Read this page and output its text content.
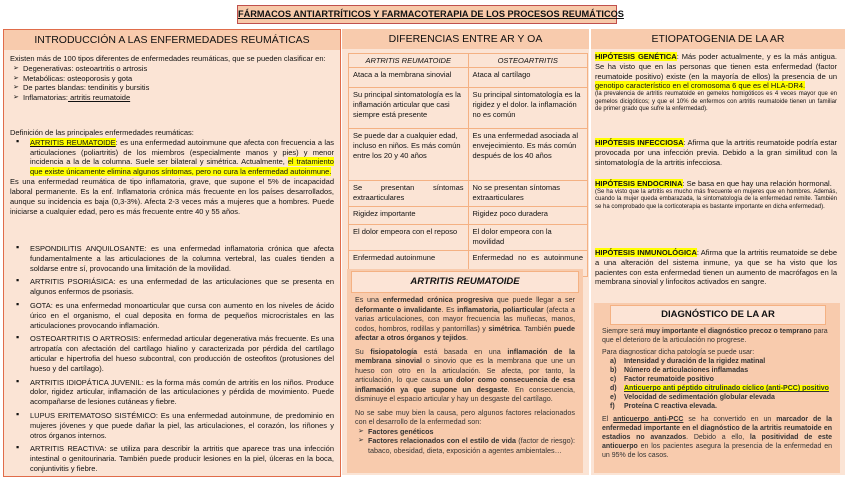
FÁRMACOS ANTIARTRÍTICOS Y FARMACOTERAPIA DE LOS PROCESOS REUMÁTICOS
INTRODUCCIÓN A LAS ENFERMEDADES REUMÁTICAS

Existen más de 100 tipos diferentes de enfermedades reumáticas, que se pueden clasificar en:

➢ Degenerativas: osteoartritis o artrosis
➢ Metabólicas: osteoporosis y gota
➢ De partes blandas: tendinitis y bursitis
➢ Inflamatorias: artritis reumatoide

Definición de las principales enfermedades reumáticas:

▪ ARTRITIS REUMATOIDE: es una enfermedad autoinmune que afecta con frecuencia a las articulaciones (poliartritis) de los miembros (especialmente manos y pies) y menor incidencia a la de la columna. Suele ser bilateral y simétrica. Actualmente, el tratamiento que existe únicamente elimina algunos síntomas, pero no cura la enfermedad autoinmune.

Es una enfermedad reumática de tipo inflamatoria, grave, que supone el 5% de incapacidad laboral permanente. Es la enf. Inflamatoria crónica más frecuente en los países desarrollados, aunque su incidencia es baja (0,3-3%). Afecta 2-3 veces más a mujeres que a hombres. Puede iniciarse a cualquier edad, pero es más frecuente entre 40 y 55 años.

▪ ESPONDILITIS ANQUILOSANTE: es una enfermedad inflamatoria crónica que afecta fundamentalmente a las articulaciones de la columna vertebral, las cuales tienden a soldarse entre sí, provocando una limitación de la movilidad.
▪ ARTRITIS PSORIÁSICA: es una enfermedad de las articulaciones que se presenta en algunos enfermos de psoriasis.
▪ GOTA: es una enfermedad monoarticular que cursa con aumento en los niveles de ácido úrico en el organismo, el cual deposita en forma de pequeños microcristales en las articulaciones provocando inflamación.
▪ OSTEOARTRITIS O ARTROSIS: enfermedad articular degenerativa más frecuente. Es una artropatía con afectación del cartílago hialino y caracterizada por pérdida del cartílago articular e hipertrofia del hueso subcontral, con producción de osteofitos (protusiones del hueso y del cartílago).
▪ ARTRITIS IDIOPÁTICA JUVENIL: es la forma más común de artritis en los niños. Produce dolor, rigidez articular, inflamación de las articulaciones y pérdida de movimiento. Puede acompañarse de lesiones cutáneas y fiebre.
▪ LUPUS ERITEMATOSO SISTÉMICO: Es una enfermedad autoinmune, de predominio en mujeres jóvenes y que puede dañar la piel, las articulaciones, el corazón, los riñones y otros órganos internos.
▪ ARTRITIS REACTIVA: se utiliza para describir la artritis que aparece tras una infección intestinal o genitourinaria. También puede producir lesiones en la piel, úlceras en la boca, conjuntivitis y fiebre.
DIFERENCIAS ENTRE AR Y OA
ARTRITIS REUMATOIDE	OSTEOARTRITIS
Ataca a la membrana sinovial	Ataca al cartílago
Su principal sintomatología es la inflamación articular que casi siempre está presente	Su principal sintomatología es la rigidez y el dolor. la inflamación no es común
Se puede dar a cualquier edad, incluso en niños. Es más común entre los 20 y 40 años	Es una enfermedad asociada al envejecimiento. Es más común después de los 40 años
Se presentan síntomas extraarticulares	No se presentan síntomas extraarticulares
Rigidez importante	Rigidez poco duradera
El dolor empeora con el reposo	El dolor empeora con la movilidad
Enfermedad autoinmune	Enfermedad no es autoinmune
ARTRITIS REUMATOIDE

Es una enfermedad crónica progresiva que puede llegar a ser deformante o invalidante. Es inflamatoria, poliarticular (afecta a varias articulaciones, con mayor frecuencia las muñecas, manos, codos, hombros, rodillas y pantorrillas) y simétrica. También puede afectar a otros órganos y tejidos.

Su fisiopatología está basada en una inflamación de la membrana sinovial o sinovio que es la membrana que une un hueso con otro en la articulación. Se afecta, por tanto, la articulación, lo que causa un dolor como consecuencia de esa inflamación ya que supone un desgaste. En consecuencia, disminuye el espacio articular y hay un desgaste del cartílago.

No se sabe muy bien la causa, pero algunos factores relacionados con el desarrollo de la enfermedad son:

➢ Factores genéticos
➢ Factores relacionados con el estilo de vida (factor de riesgo): tabaco, obesidad, dieta, exposición a agentes ambientales…
ETIOPATOGENIA DE LA AR
HIPÓTESIS GENÉTICA: Más poder actualmente, y es la más antigua. Se ha visto que en las personas que tienen esta enfermedad (factor reumatoide positivo) existe (en la mayoría de ellos) la presencia de un genotipo característico en el cromosoma 6 que es el HLA-DR4.
(la prevalencia de artritis reumatoide en gemelos homigóticos es 4 veces mayor que en gemelos dicigóticos; y que el 10% de enfermos con artritis reumatoide tienen un familiar de primer grado que sufre la enfermedad).
HIPÓTESIS INFECCIOSA: Afirma que la artritis reumatoide podría estar provocada por una infección previa. Debido a la gran similitud con la sintomatología de la artritis infecciosa.
HIPÓTESIS ENDOCRINA: Se basa en que hay una relación hormonal.
(Se ha visto que la artritis es mucho más frecuente en mujeres que en hombres. Además, cuando la mujer queda embarazada, la sintomatología de la enfermedad remite. También se ha comprobado que la corticoterapia es bastante importante en dicha enfermedad).
HIPÓTESIS INMUNOLÓGICA: Afirma que la artritis reumatoide se debe a una alteración del sistema inmune, ya que se ha visto que los pacientes con esta enfermedad tienen un aumento de macrófagos en la membrana sinovial y linfocitos activados en sangre.
DIAGNÓSTICO DE LA AR

Siempre será muy importante el diagnóstico precoz o temprano para que el deterioro de la articulación no progrese.

Para diagnosticar dicha patología se puede usar:

a) Intensidad y duración de la rigidez matinal
b) Número de articulaciones inflamadas
c) Factor reumatoide positivo
d) Anticuerpo anti péptido citrulinado cíclico (anti-PCC) positivo
e) Velocidad de sedimentación globular elevada
f) Proteína C reactiva elevada.

El anticuerpo anti-PCC se ha convertido en un marcador de la enfermedad importante en el diagnóstico de la artritis reumatoide en estadios no avanzados. Debido a ello, la positividad de este anticuerpo en los pacientes asegura la presencia de la enfermedad en un 95% de los casos.
